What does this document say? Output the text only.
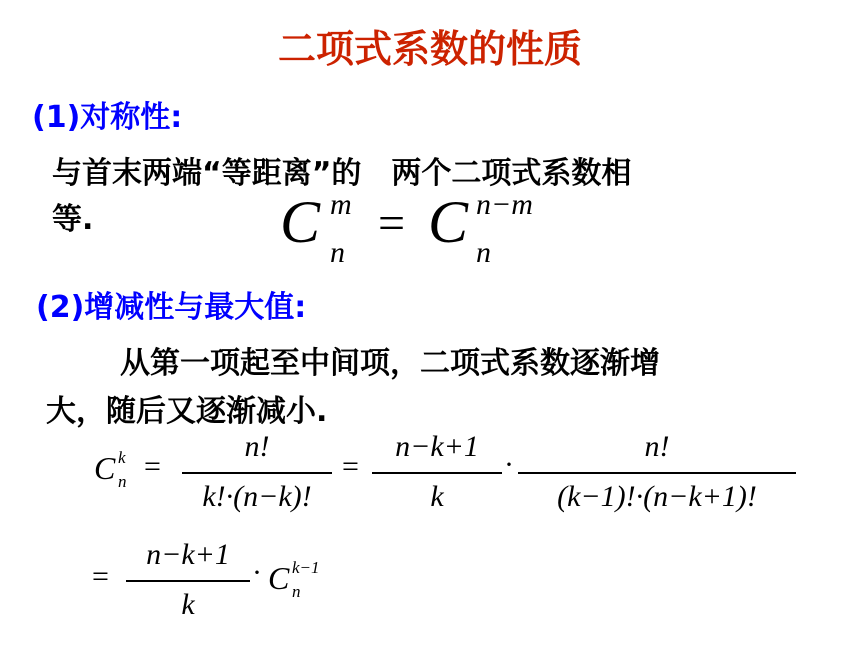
二项式系数的性质
(1)对称性:
与首末两端“等距离”的　两个二项式系数相
等.	C m
n
= C n−m
n
(2)增减性与最大值:
从第一项起至中间项，二项式系数逐渐增
大，随后又逐渐减小.
C k
n =
n!
k!·(n−k)!
=
n−k+1
k
·
n!
(k−1)!·(n−k+1)!
=
n−k+1
k
· C k−1
n
